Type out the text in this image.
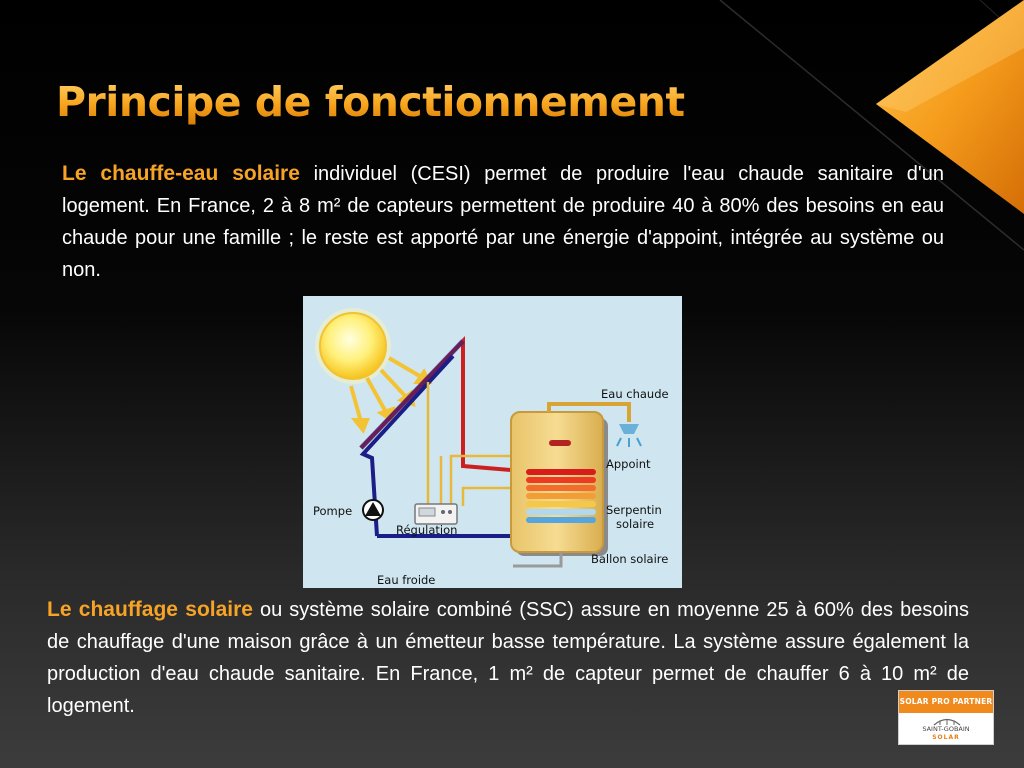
Principe de fonctionnement

Le chauffe-eau solaire individuel (CESI) permet de produire l'eau chaude sanitaire d'un logement. En France, 2 à 8 m² de capteurs permettent de produire 40 à 80% des besoins en eau chaude pour une famille ; le reste est apporté par une énergie d'appoint, intégrée au système ou non.

Eau chaude
Appoint
Pompe	Serpentin
solaire
Régulation
Ballon solaire
Eau froide

Le chauffage solaire ou système solaire combiné (SSC) assure en moyenne 25 à 60% des besoins de chauffage d'une maison grâce à un émetteur basse température. La système assure également la production d'eau chaude sanitaire. En France, 1 m² de capteur permet de chauffer 6 à 10 m² de logement.	SOLAR PRO PARTNER
SAINT-GOBAIN
SOLAR
